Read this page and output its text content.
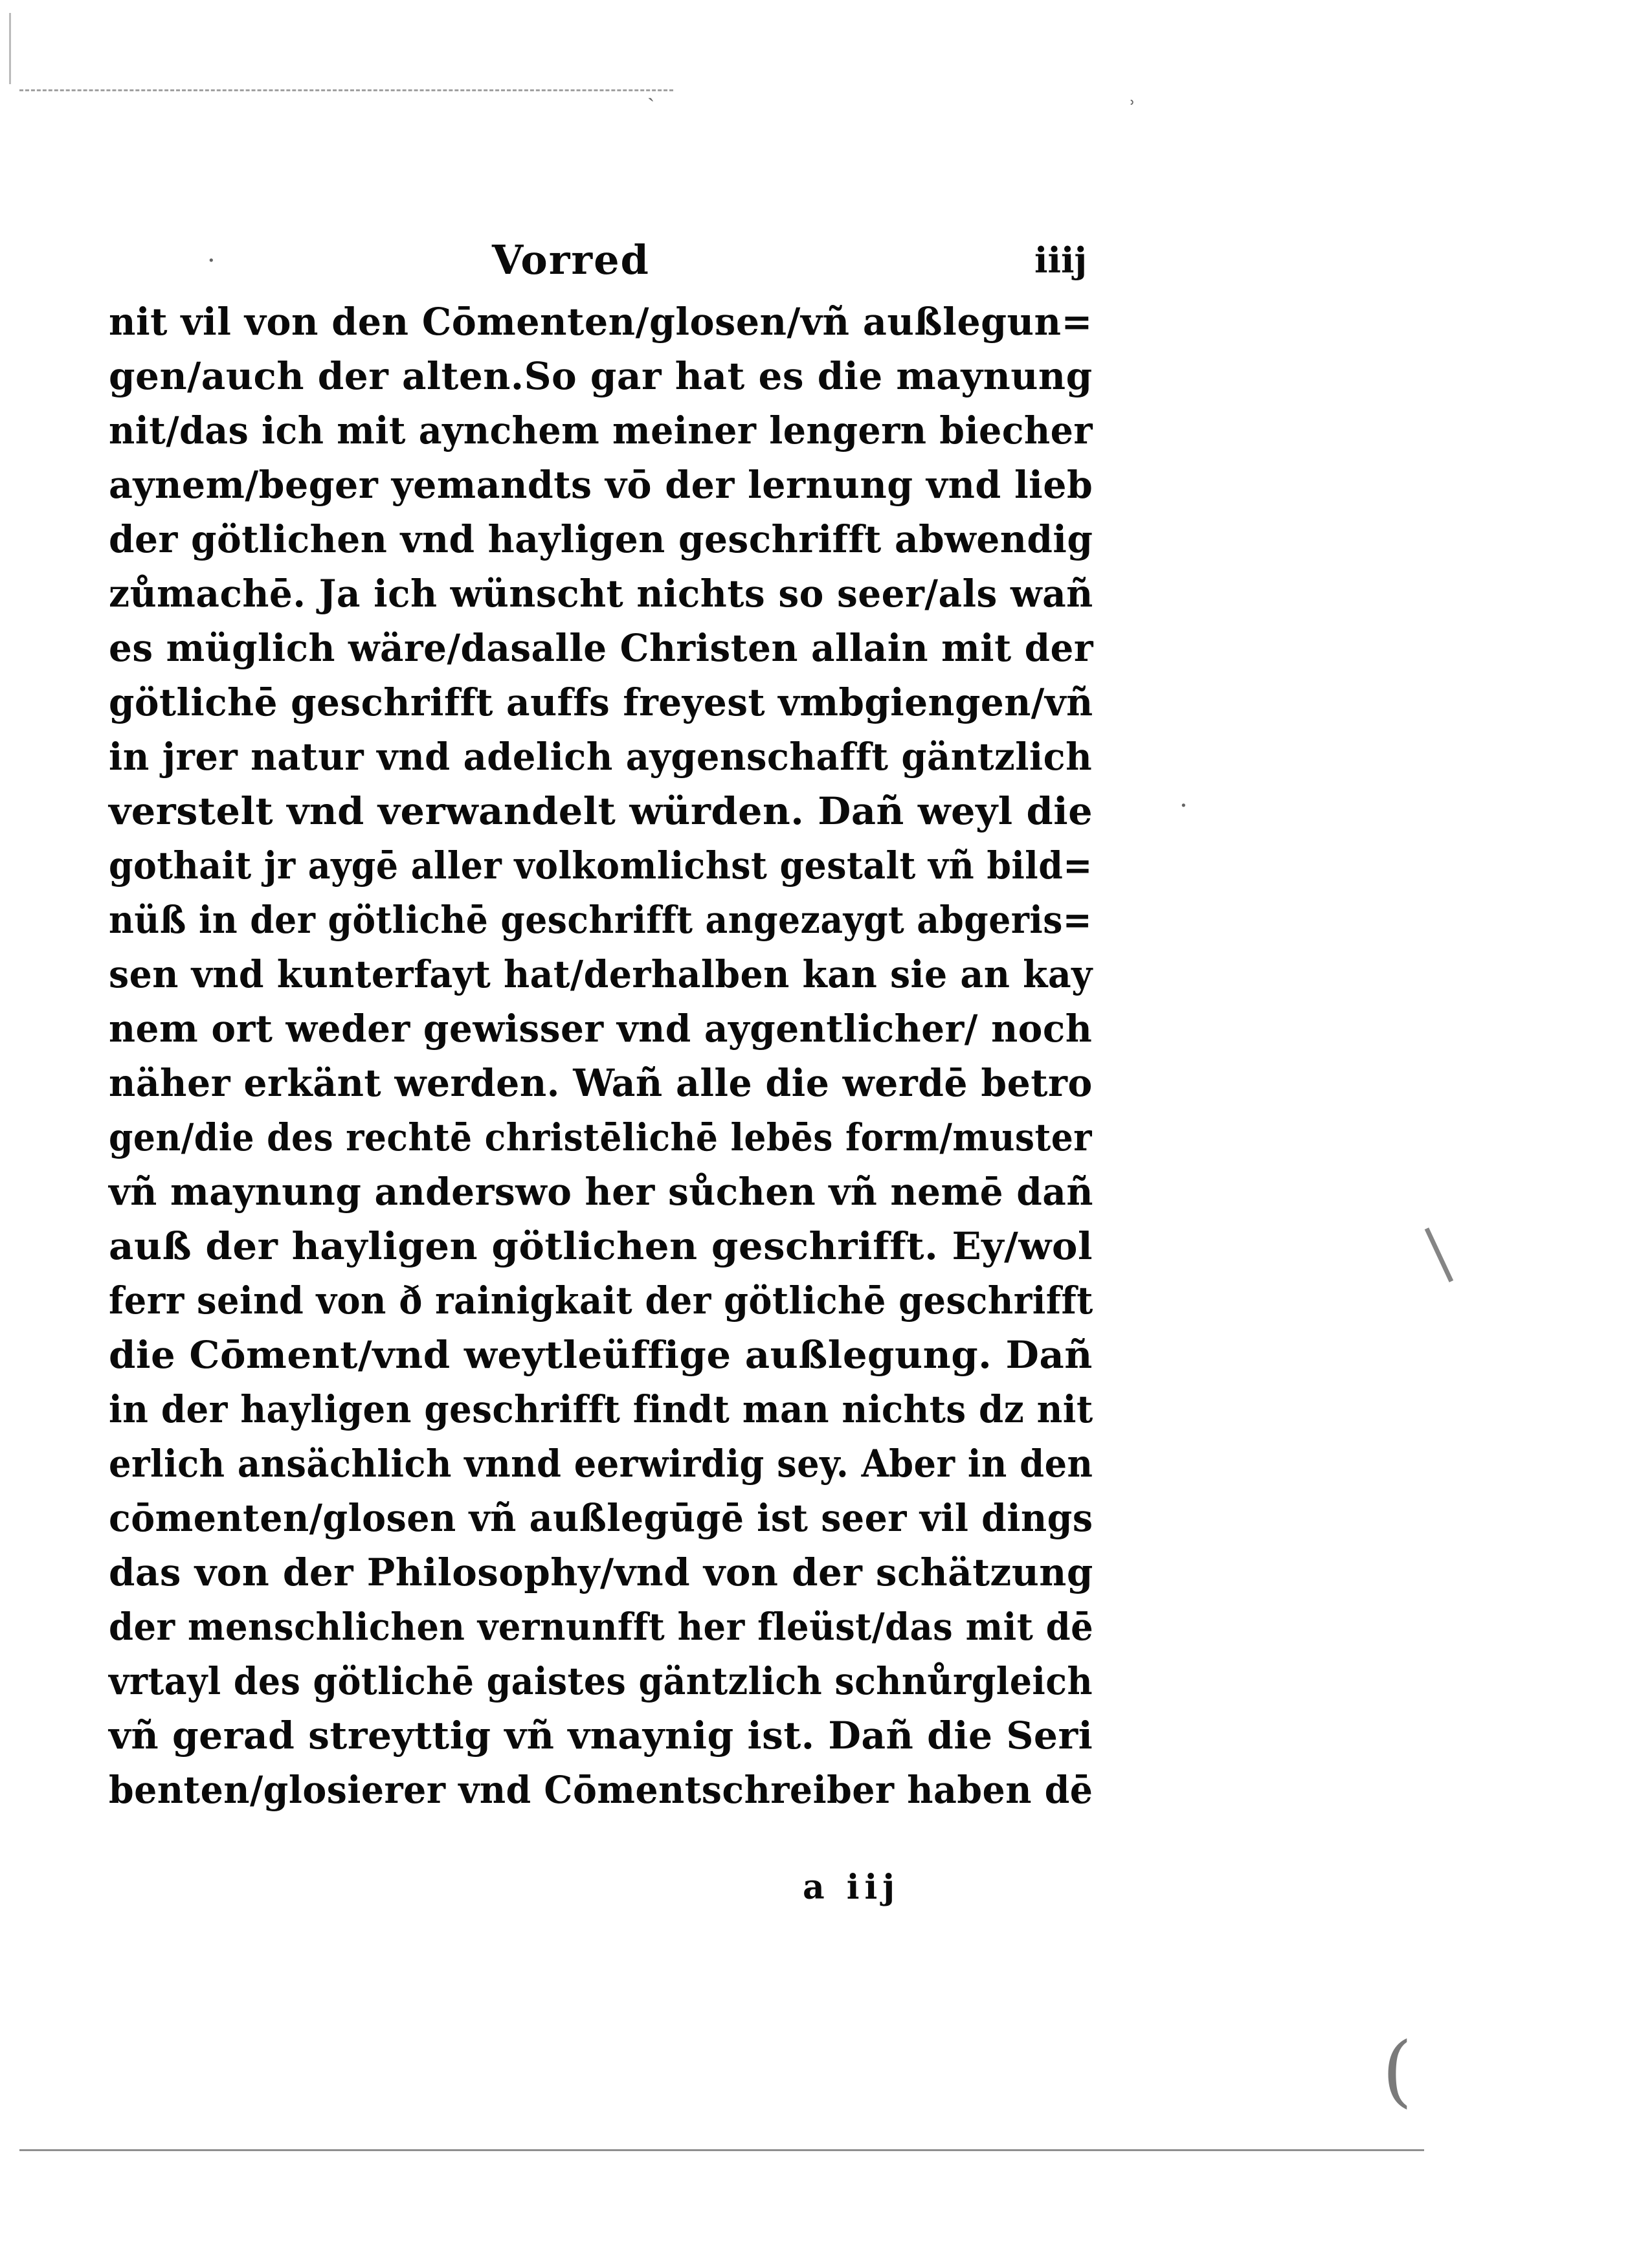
ˏ
ʾ
·
·
|
(
Vorred	iiij
nit vil von den Cōmenten/glosen/vñ außlegun=
gen/auch der alten.So gar hat es die maynung
nit/das ich mit aynchem meiner lengern biecher
aynem/beger yemandts vō der lernung vnd lieb
der götlichen vnd hayligen geschrifft abwendig
zůmachē. Ja ich wünscht nichts so seer/als wañ
es müglich wäre/dasalle Christen allain mit der
götlichē geschrifft auffs freyest vmbgiengen/vñ
in jrer natur vnd adelich aygenschafft gäntzlich
verstelt vnd verwandelt würden. Dañ weyl die
gothait jr aygē aller volkomlichst gestalt vñ bild=
nüß in der götlichē geschrifft angezaygt abgeris=
sen vnd kunterfayt hat/derhalben kan sie an kay
nem ort weder gewisser vnd aygentlicher/ noch
näher erkänt werden. Wañ alle die werdē betro
gen/die des rechtē christēlichē lebēs form/muster
vñ maynung anderswo her sůchen vñ nemē dañ
auß der hayligen götlichen geschrifft. Ey/wol
ferr seind von ð rainigkait der götlichē geschrifft
die Cōment/vnd weytleüffige außlegung. Dañ
in der hayligen geschrifft findt man nichts dz nit
erlich ansächlich vnnd eerwirdig sey. Aber in den
cōmenten/glosen vñ außlegūgē ist seer vil dings
das von der Philosophy/vnd von der schätzung
der menschlichen vernunfft her fleüst/das mit dē
vrtayl des götlichē gaistes gäntzlich schnůrgleich
vñ gerad streyttig vñ vnaynig ist. Dañ die Seri
benten/glosierer vnd Cōmentschreiber haben dē
a iij
